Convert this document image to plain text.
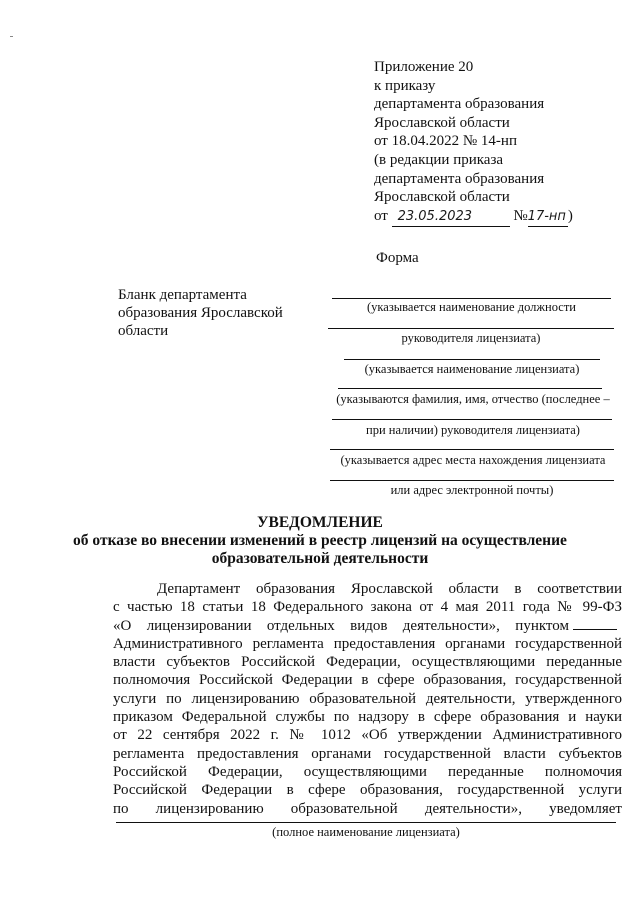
Приложение 20
к приказу
департамента образования
Ярославской области
от 18.04.2022 № 14-нп
(в редакции приказа
департамента образования
Ярославской области
от 23.05.2023	№17-нп )
Форма
Бланк департамента
образования Ярославской
области
(указывается наименование должности
руководителя лицензиата)
(указывается наименование лицензиата)
(указываются фамилия, имя, отчество (последнее –
при наличии) руководителя лицензиата)
(указывается адрес места нахождения лицензиата
или адрес электронной почты)
УВЕДОМЛЕНИЕ
об отказе во внесении изменений в реестр лицензий на осуществление
образовательной деятельности
Департамент образования Ярославской области в соответствии
с частью 18 статьи 18 Федерального закона от 4 мая 2011 года № 99-ФЗ
«О лицензировании отдельных видов деятельности», пунктом
Административного регламента предоставления органами государственной
власти субъектов Российской Федерации, осуществляющими переданные
полномочия Российской Федерации в сфере образования, государственной
услуги по лицензированию образовательной деятельности, утвержденного
приказом Федеральной службы по надзору в сфере образования и науки
от 22 сентября 2022 г. № 1012 «Об утверждении Административного
регламента предоставления органами государственной власти субъектов
Российской Федерации, осуществляющими переданные полномочия
Российской Федерации в сфере образования, государственной услуги
по лицензированию образовательной деятельности», уведомляет
(полное наименование лицензиата)
